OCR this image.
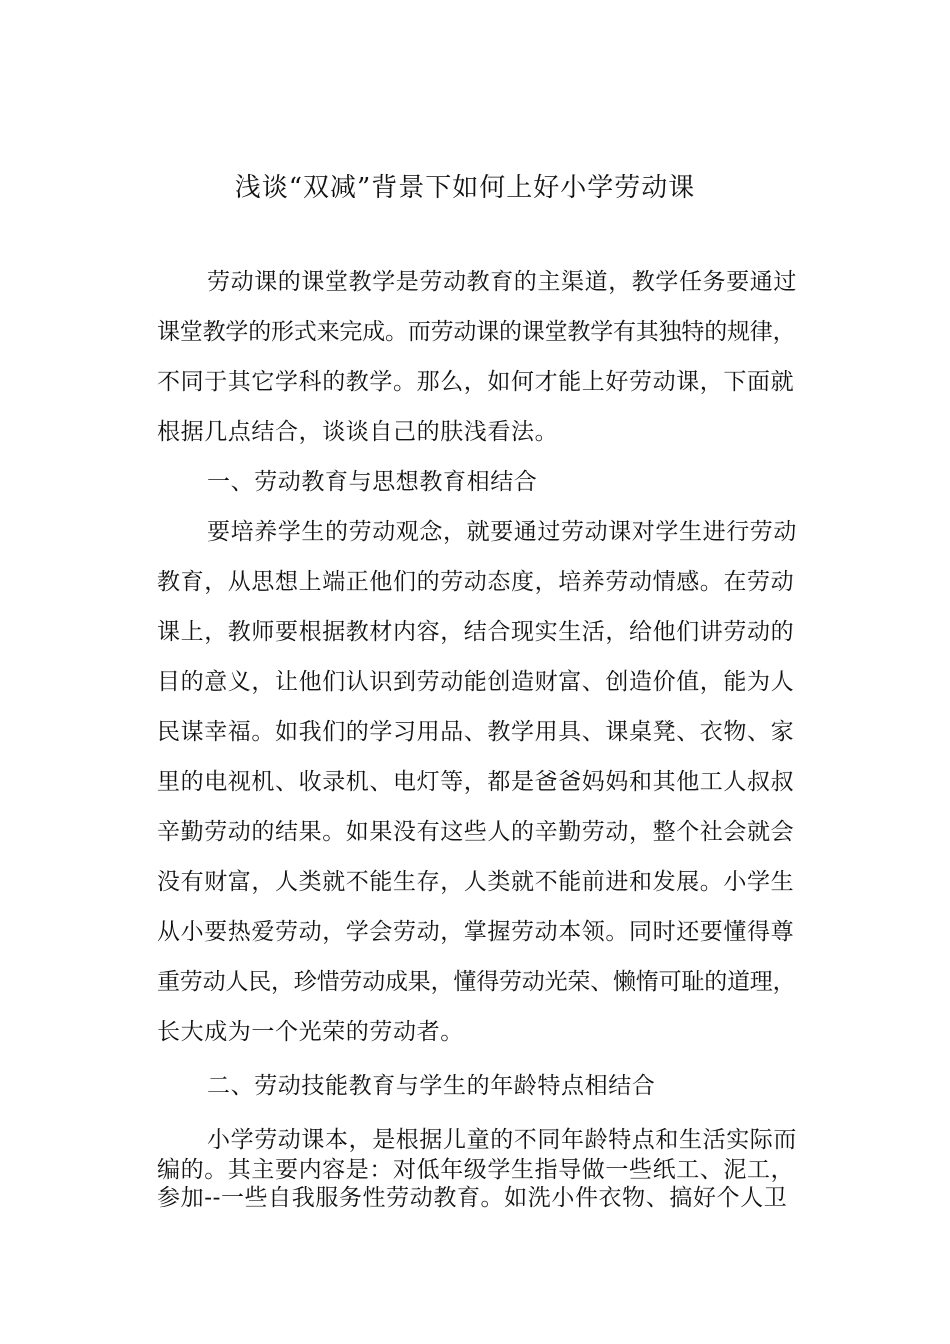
浅谈“双减”背景下如何上好小学劳动课
劳动课的课堂教学是劳动教育的主渠道，教学任务要通过
课堂教学的形式来完成。而劳动课的课堂教学有其独特的规律，
不同于其它学科的教学。那么，如何才能上好劳动课，下面就
根据几点结合，谈谈自己的肤浅看法。
一、劳动教育与思想教育相结合
要培养学生的劳动观念，就要通过劳动课对学生进行劳动
教育，从思想上端正他们的劳动态度，培养劳动情感。在劳动
课上，教师要根据教材内容，结合现实生活，给他们讲劳动的
目的意义，让他们认识到劳动能创造财富、创造价值，能为人
民谋幸福。如我们的学习用品、教学用具、课桌凳、衣物、家
里的电视机、收录机、电灯等，都是爸爸妈妈和其他工人叔叔
辛勤劳动的结果。如果没有这些人的辛勤劳动，整个社会就会
没有财富，人类就不能生存，人类就不能前进和发展。小学生
从小要热爱劳动，学会劳动，掌握劳动本领。同时还要懂得尊
重劳动人民，珍惜劳动成果，懂得劳动光荣、懒惰可耻的道理，
长大成为一个光荣的劳动者。
二、劳动技能教育与学生的年龄特点相结合
小学劳动课本，是根据儿童的不同年龄特点和生活实际而
编的。其主要内容是：对低年级学生指导做一些纸工、泥工，
参加--一些自我服务性劳动教育。如洗小件衣物、搞好个人卫
